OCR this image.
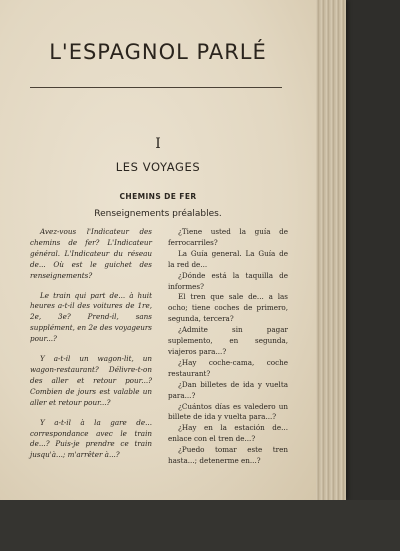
L'ESPAGNOL PARLÉ
I
LES VOYAGES
CHEMINS DE FER
Renseignements préalables.

Avez-vous l'Indicateur des chemins de fer? L'Indicateur général. L'Indicateur du réseau de... Où est le guichet des renseignements?

Le train qui part de... à huit heures a-t-il des voitures de 1re, 2e, 3e? Prend-il, sans supplément, en 2e des voyageurs pour...?

Y a-t-il un wagon-lit, un wagon-restaurant? Délivre-t-on des aller et retour pour...? Combien de jours est valable un aller et retour pour...?

Y a-t-il à la gare de... correspondance avec le train de...? Puis-je prendre ce train jusqu'à...; m'arrêter à...?

¿Tiene usted la guía de ferrocarriles?

La Guía general. La Guía de la red de...

¿Dónde está la taquilla de informes?

El tren que sale de... a las ocho; tiene coches de primero, segunda, tercera?

¿Admite sin pagar suplemento, en segunda, viajeros para...?

¿Hay coche-cama, coche restaurant?

¿Dan billetes de ida y vuelta para...?

¿Cuántos días es valedero un billete de ida y vuelta para...?

¿Hay en la estación de... enlace con el tren de...?

¿Puedo tomar este tren hasta...; detenerme en...?
